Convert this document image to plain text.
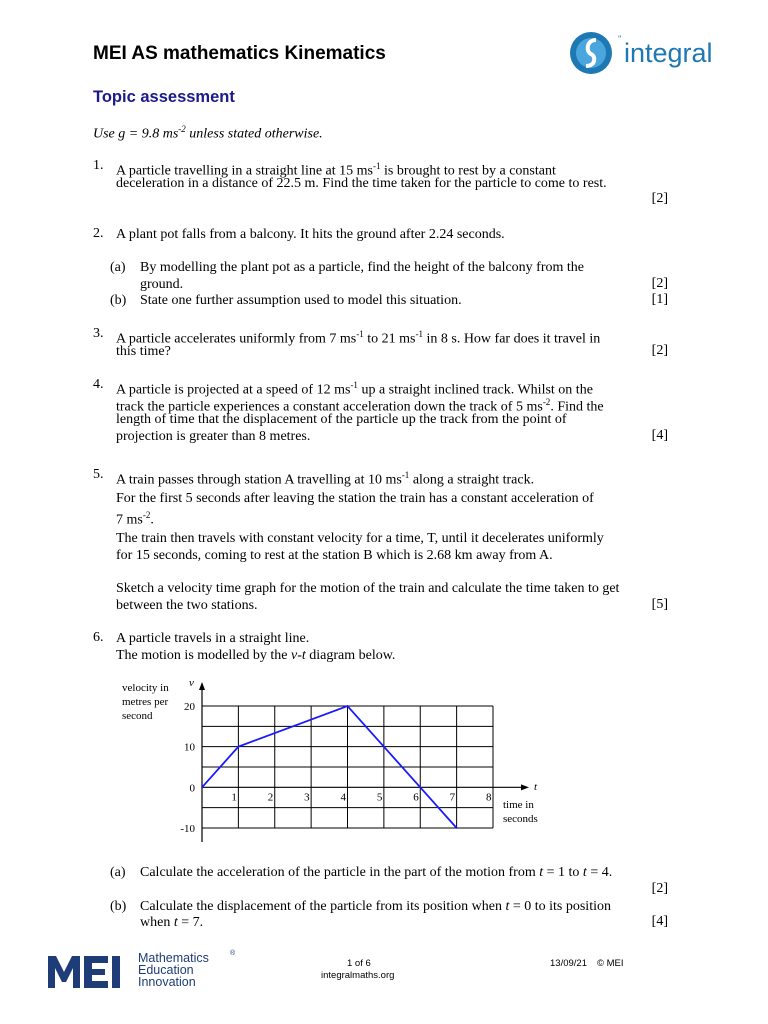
MEI AS mathematics Kinematics
Topic assessment
'' integral
Use g = 9.8 $ms^{-2}$ unless stated otherwise.
1. A particle travelling in a straight line at 15 $ms^{-1}$ is brought to rest by a constant
deceleration in a distance of 22.5 m. Find the time taken for the particle to come to rest.
[2]
2. A plant pot falls from a balcony. It hits the ground after 2.24 seconds.
(a) By modelling the plant pot as a particle, find the height of the balcony from the
ground.	[2]
(b) State one further assumption used to model this situation.	[1]
3. A particle accelerates uniformly from 7 $ms^{-1}$ to 21 $ms^{-1}$ in 8 s. How far does it travel in
this time?	[2]
4. A particle is projected at a speed of 12 $ms^{-1}$ up a straight inclined track. Whilst on the
track the particle experiences a constant acceleration down the track of 5 $ms^{-2}$. Find the
length of time that the displacement of the particle up the track from the point of
projection is greater than 8 metres.	[4]
5. A train passes through station A travelling at 10 $ms^{-1}$ along a straight track.
For the first 5 seconds after leaving the station the train has a constant acceleration of
7 $ms^{-2}$.
The train then travels with constant velocity for a time, T, until it decelerates uniformly
for 15 seconds, coming to rest at the station B which is 2.68 km away from A.
Sketch a velocity time graph for the motion of the train and calculate the time taken to get
between the two stations.	[5]
6. A particle travels in a straight line.
The motion is modelled by the v-t diagram below.
velocity in
metres per
second
1	2	3	4	5	6	7	8
20
10
0
-10
v
t
time in
seconds
(a) Calculate the acceleration of the particle in the part of the motion from t = 1 to t = 4.
[2]
(b) Calculate the displacement of the particle from its position when t = 0 to its position
when t = 7.	[4]
Mathematics	®
Education
Innovation
1 of 6
integralmaths.org
13/09/21 © MEI
